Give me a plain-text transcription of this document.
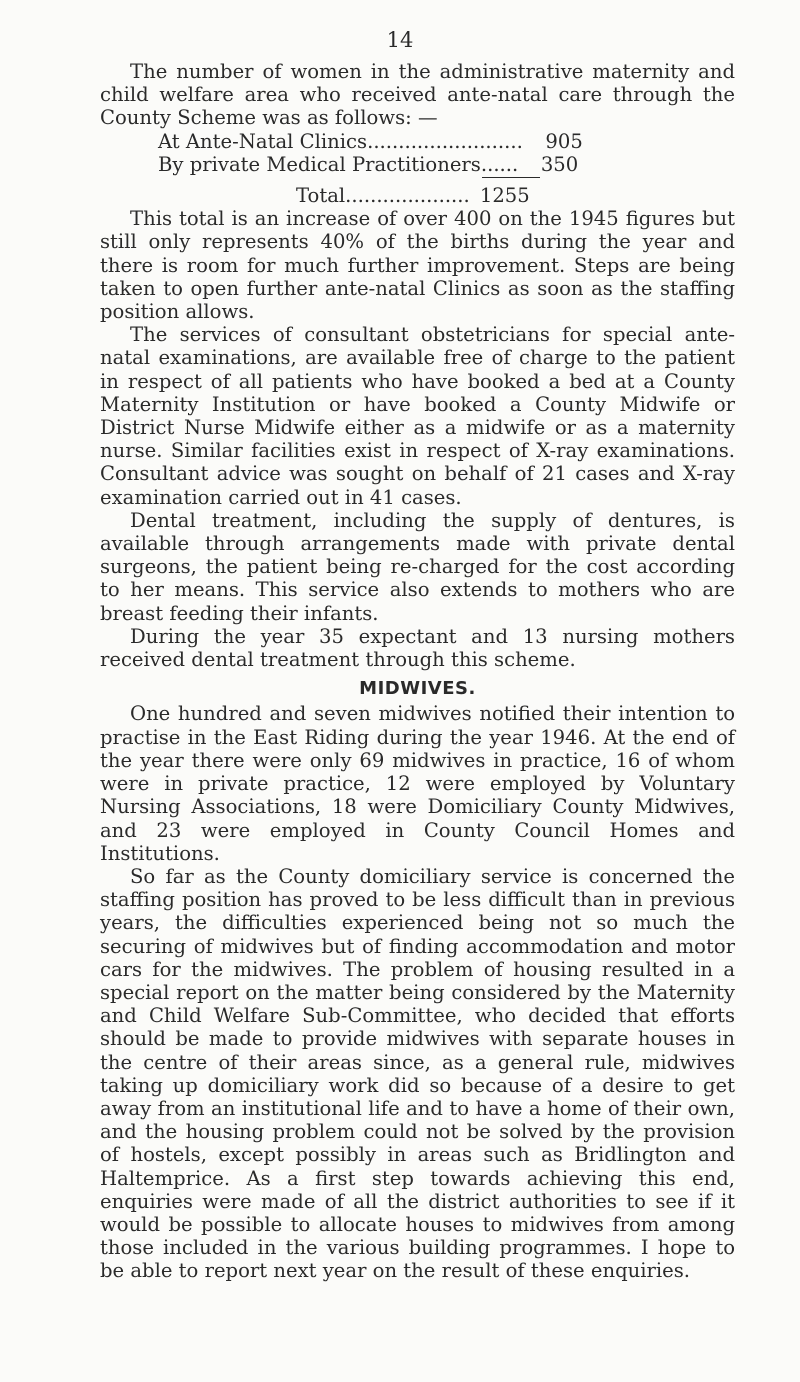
14

The number of women in the administrative maternity and child welfare area who received ante-natal care through the County Scheme was as follows: —

At Ante-Natal Clinics .........................	905
By private Medical Practitioners ......	350
Total .................... 1255

This total is an increase of over 400 on the 1945 figures but still only represents 40% of the births during the year and there is room for much further improvement. Steps are being taken to open further ante-natal Clinics as soon as the staffing position allows.

The services of consultant obstetricians for special ante-natal examinations, are available free of charge to the patient in respect of all patients who have booked a bed at a County Maternity Institution or have booked a County Midwife or District Nurse Midwife either as a midwife or as a maternity nurse. Similar facilities exist in respect of X-ray examinations. Consultant advice was sought on behalf of 21 cases and X-ray examination carried out in 41 cases.

Dental treatment, including the supply of dentures, is available through arrangements made with private dental surgeons, the patient being re-charged for the cost according to her means. This service also extends to mothers who are breast feeding their infants.

During the year 35 expectant and 13 nursing mothers received dental treatment through this scheme.

MIDWIVES.

One hundred and seven midwives notified their intention to practise in the East Riding during the year 1946. At the end of the year there were only 69 midwives in practice, 16 of whom were in private practice, 12 were employed by Voluntary Nursing Associations, 18 were Domiciliary County Midwives, and 23 were employed in County Council Homes and Institutions.

So far as the County domiciliary service is concerned the staffing position has proved to be less difficult than in previous years, the difficulties experienced being not so much the securing of midwives but of finding accommodation and motor cars for the midwives. The problem of housing resulted in a special report on the matter being considered by the Maternity and Child Welfare Sub-Committee, who decided that efforts should be made to provide midwives with separate houses in the centre of their areas since, as a general rule, midwives taking up domiciliary work did so because of a desire to get away from an institutional life and to have a home of their own, and the housing problem could not be solved by the provision of hostels, except possibly in areas such as Bridlington and Haltemprice. As a first step towards achieving this end, enquiries were made of all the district authorities to see if it would be possible to allocate houses to midwives from among those included in the various building programmes. I hope to be able to report next year on the result of these enquiries.
